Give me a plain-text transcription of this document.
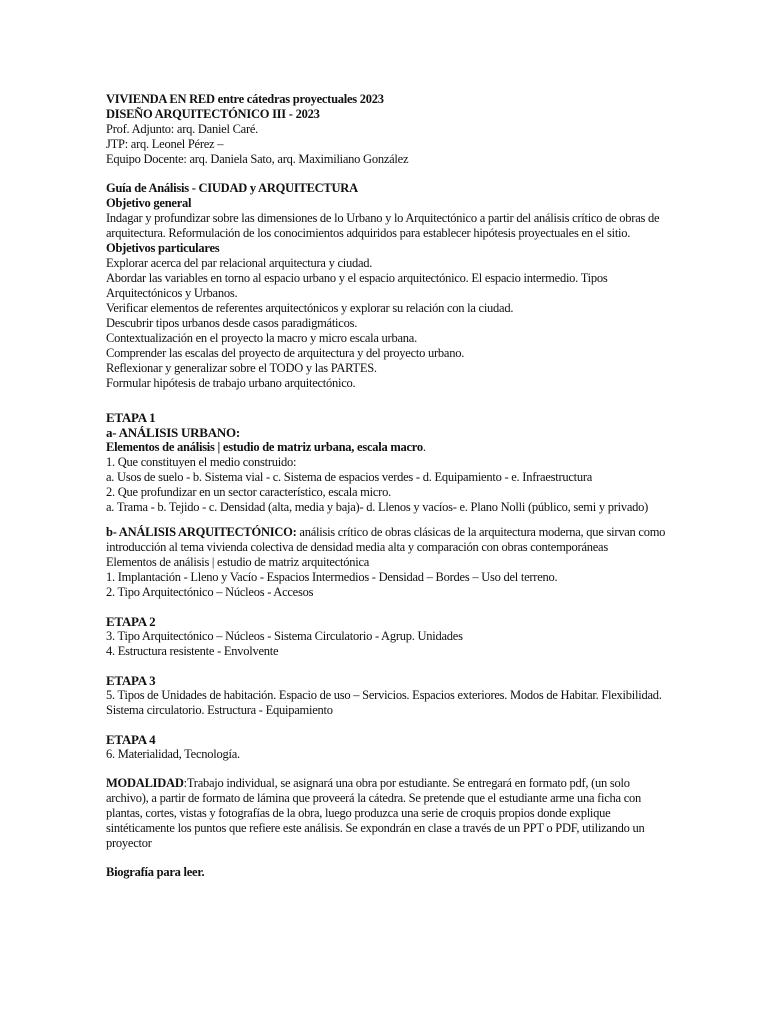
VIVIENDA EN RED entre cátedras proyectuales 2023

DISEÑO ARQUITECTÓNICO III - 2023

Prof. Adjunto: arq. Daniel Caré.

JTP: arq. Leonel Pérez –

Equipo Docente: arq. Daniela Sato, arq. Maximiliano González

Guía de Análisis - CIUDAD y ARQUITECTURA

Objetivo general

Indagar y profundizar sobre las dimensiones de lo Urbano y lo Arquitectónico a partir del análisis crítico de obras de arquitectura. Reformulación de los conocimientos adquiridos para establecer hipótesis proyectuales en el sitio.

Objetivos particulares

Explorar acerca del par relacional arquitectura y ciudad.

Abordar las variables en torno al espacio urbano y el espacio arquitectónico. El espacio intermedio. Tipos Arquitectónicos y Urbanos.

Verificar elementos de referentes arquitectónicos y explorar su relación con la ciudad.

Descubrir tipos urbanos desde casos paradigmáticos.

Contextualización en el proyecto la macro y micro escala urbana.

Comprender las escalas del proyecto de arquitectura y del proyecto urbano.

Reflexionar y generalizar sobre el TODO y las PARTES.

Formular hipótesis de trabajo urbano arquitectónico.

ETAPA 1

a- ANÁLISIS URBANO:

Elementos de análisis | estudio de matriz urbana, escala macro.

1. Que constituyen el medio construido:

a. Usos de suelo - b. Sistema vial - c. Sistema de espacios verdes - d. Equipamiento - e. Infraestructura

2. Que profundizar en un sector característico, escala micro.

a. Trama - b. Tejido - c. Densidad (alta, media y baja)- d. Llenos y vacíos- e. Plano Nolli (público, semi y privado)

b- ANÁLISIS ARQUITECTÓNICO: análisis crítico de obras clásicas de la arquitectura moderna, que sirvan como introducción al tema vivienda colectiva de densidad media alta y comparación con obras contemporáneas

Elementos de análisis | estudio de matriz arquitectónica

1. Implantación - Lleno y Vacío - Espacios Intermedios - Densidad – Bordes – Uso del terreno.

2. Tipo Arquitectónico – Núcleos - Accesos

ETAPA 2

3. Tipo Arquitectónico – Núcleos - Sistema Circulatorio - Agrup. Unidades

4. Estructura resistente - Envolvente

ETAPA 3

5. Tipos de Unidades de habitación. Espacio de uso – Servicios. Espacios exteriores. Modos de Habitar. Flexibilidad. Sistema circulatorio. Estructura - Equipamiento

ETAPA 4

6. Materialidad, Tecnología.

MODALIDAD:Trabajo individual, se asignará una obra por estudiante. Se entregará en formato pdf, (un solo archivo), a partir de formato de lámina que proveerá la cátedra. Se pretende que el estudiante arme una ficha con plantas, cortes, vistas y fotografías de la obra, luego produzca una serie de croquis propios donde explique sintéticamente los puntos que refiere este análisis. Se expondrán en clase a través de un PPT o PDF, utilizando un proyector

Biografía para leer.
